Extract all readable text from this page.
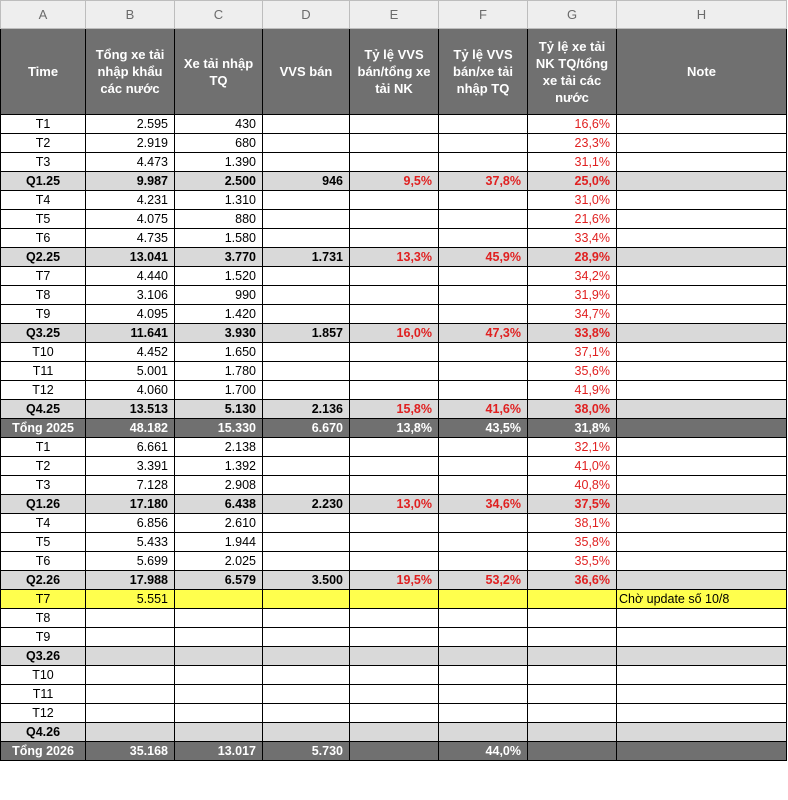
A	B	C	D	E	F	G	H
Time	Tổng xe tải nhập khẩu các nước	Xe tải nhập TQ	VVS bán	Tỷ lệ VVS bán/tổng xe tải NK	Tỷ lệ VVS bán/xe tải nhập TQ	Tỷ lệ xe tải NK TQ/tổng xe tải các nước	Note
T1	2.595	430				16,6%	
T2	2.919	680				23,3%	
T3	4.473	1.390				31,1%	
Q1.25	9.987	2.500	946	9,5%	37,8%	25,0%	
T4	4.231	1.310				31,0%	
T5	4.075	880				21,6%	
T6	4.735	1.580				33,4%	
Q2.25	13.041	3.770	1.731	13,3%	45,9%	28,9%	
T7	4.440	1.520				34,2%	
T8	3.106	990				31,9%	
T9	4.095	1.420				34,7%	
Q3.25	11.641	3.930	1.857	16,0%	47,3%	33,8%	
T10	4.452	1.650				37,1%	
T11	5.001	1.780				35,6%	
T12	4.060	1.700				41,9%	
Q4.25	13.513	5.130	2.136	15,8%	41,6%	38,0%	
Tổng 2025	48.182	15.330	6.670	13,8%	43,5%	31,8%	
T1	6.661	2.138				32,1%	
T2	3.391	1.392				41,0%	
T3	7.128	2.908				40,8%	
Q1.26	17.180	6.438	2.230	13,0%	34,6%	37,5%	
T4	6.856	2.610				38,1%	
T5	5.433	1.944				35,8%	
T6	5.699	2.025				35,5%	
Q2.26	17.988	6.579	3.500	19,5%	53,2%	36,6%	
T7	5.551						Chờ update số 10/8
T8							
T9							
Q3.26							
T10							
T11							
T12							
Q4.26							
Tổng 2026	35.168	13.017	5.730		44,0%		
